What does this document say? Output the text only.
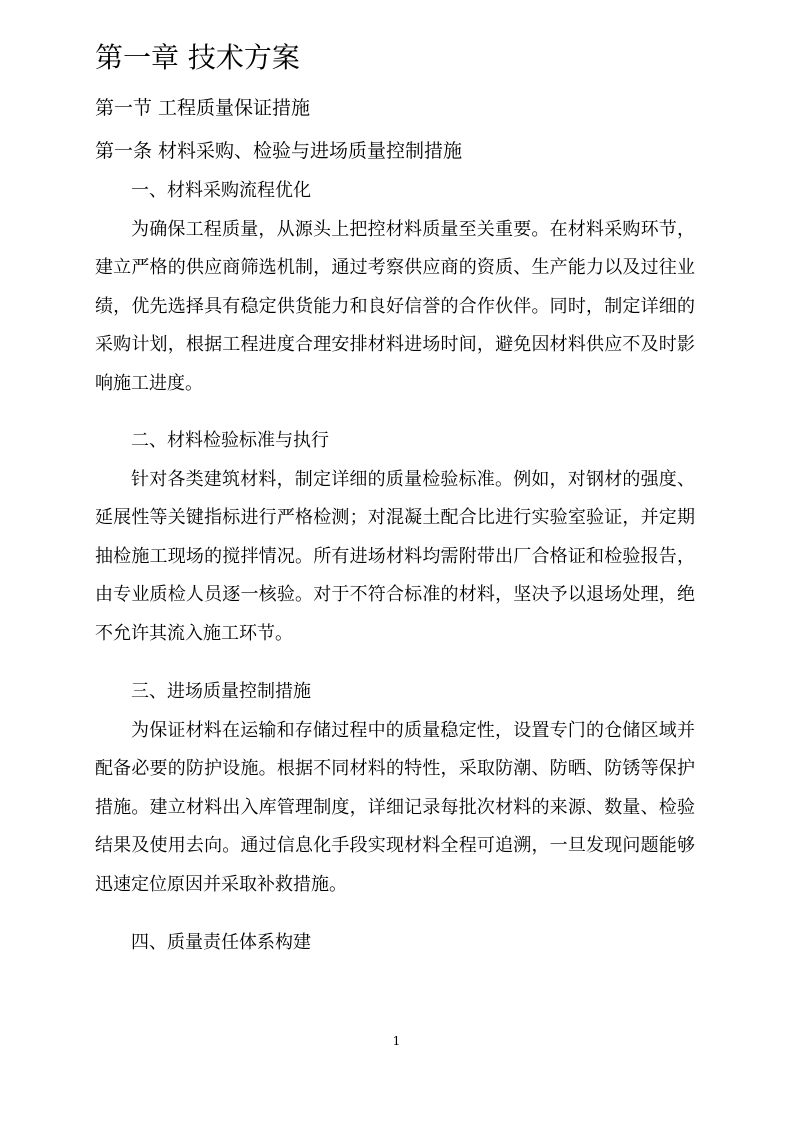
第一章 技术方案
第一节 工程质量保证措施
第一条 材料采购、检验与进场质量控制措施
一、材料采购流程优化

为确保工程质量，从源头上把控材料质量至关重要。在材料采购环节，建立严格的供应商筛选机制，通过考察供应商的资质、生产能力以及过往业绩，优先选择具有稳定供货能力和良好信誉的合作伙伴。同时，制定详细的采购计划，根据工程进度合理安排材料进场时间，避免因材料供应不及时影响施工进度。

二、材料检验标准与执行

针对各类建筑材料，制定详细的质量检验标准。例如，对钢材的强度、延展性等关键指标进行严格检测；对混凝土配合比进行实验室验证，并定期抽检施工现场的搅拌情况。所有进场材料均需附带出厂合格证和检验报告，由专业质检人员逐一核验。对于不符合标准的材料，坚决予以退场处理，绝不允许其流入施工环节。

三、进场质量控制措施

为保证材料在运输和存储过程中的质量稳定性，设置专门的仓储区域并配备必要的防护设施。根据不同材料的特性，采取防潮、防晒、防锈等保护措施。建立材料出入库管理制度，详细记录每批次材料的来源、数量、检验结果及使用去向。通过信息化手段实现材料全程可追溯，一旦发现问题能够迅速定位原因并采取补救措施。

四、质量责任体系构建
1
